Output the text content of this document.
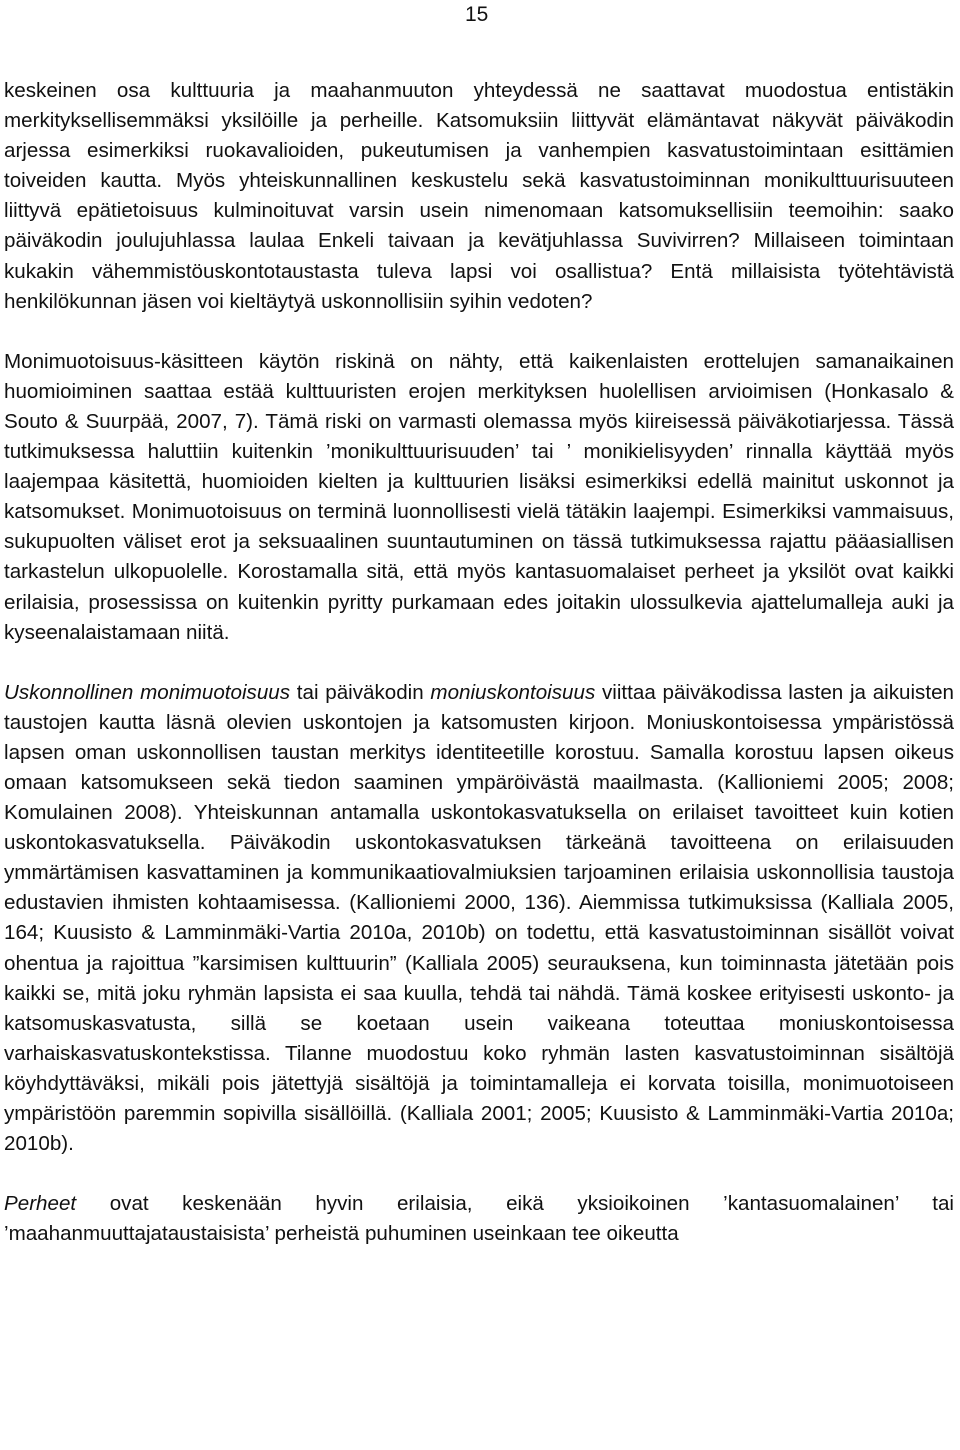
15

keskeinen osa kulttuuria ja maahanmuuton yhteydessä ne saattavat muodostua entistäkin merkityksellisemmäksi yksilöille ja perheille. Katsomuksiin liittyvät elämäntavat näkyvät päiväkodin arjessa esimerkiksi ruokavalioiden, pukeutumisen ja vanhempien kasvatustoimintaan esittämien toiveiden kautta. Myös yhteiskunnallinen keskustelu sekä kasvatustoiminnan monikulttuurisuuteen liittyvä epätietoisuus kulminoituvat varsin usein nimenomaan katsomuksellisiin teemoihin: saako päiväkodin joulujuhlassa laulaa Enkeli taivaan ja kevätjuhlassa Suvivirren? Millaiseen toimintaan kukakin vähemmistöuskontotaustasta tuleva lapsi voi osallistua? Entä millaisista työtehtävistä henkilökunnan jäsen voi kieltäytyä uskonnollisiin syihin vedoten?

Monimuotoisuus-käsitteen käytön riskinä on nähty, että kaikenlaisten erottelujen samanaikainen huomioiminen saattaa estää kulttuuristen erojen merkityksen huolellisen arvioimisen (Honkasalo & Souto & Suurpää, 2007, 7). Tämä riski on varmasti olemassa myös kiireisessä päiväkotiarjessa. Tässä tutkimuksessa haluttiin kuitenkin ’monikulttuurisuuden’ tai ’ monikielisyyden’ rinnalla käyttää myös laajempaa käsitettä, huomioiden kielten ja kulttuurien lisäksi esimerkiksi edellä mainitut uskonnot ja katsomukset. Monimuotoisuus on terminä luonnollisesti vielä tätäkin laajempi. Esimerkiksi vammaisuus, sukupuolten väliset erot ja seksuaalinen suuntautuminen on tässä tutkimuksessa rajattu pääasiallisen tarkastelun ulkopuolelle. Korostamalla sitä, että myös kantasuomalaiset perheet ja yksilöt ovat kaikki erilaisia, prosessissa on kuitenkin pyritty purkamaan edes joitakin ulossulkevia ajattelumalleja auki ja kyseenalaistamaan niitä.

Uskonnollinen monimuotoisuus tai päiväkodin moniuskontoisuus viittaa päiväkodissa lasten ja aikuisten taustojen kautta läsnä olevien uskontojen ja katsomusten kirjoon. Moniuskontoisessa ympäristössä lapsen oman uskonnollisen taustan merkitys identiteetille korostuu. Samalla korostuu lapsen oikeus omaan katsomukseen sekä tiedon saaminen ympäröivästä maailmasta. (Kallioniemi 2005; 2008; Komulainen 2008). Yhteiskunnan antamalla uskontokasvatuksella on erilaiset tavoitteet kuin kotien uskontokasvatuksella. Päiväkodin uskontokasvatuksen tärkeänä tavoitteena on erilaisuuden ymmärtämisen kasvattaminen ja kommunikaatiovalmiuksien tarjoaminen erilaisia uskonnollisia taustoja edustavien ihmisten kohtaamisessa. (Kallioniemi 2000, 136). Aiemmissa tutkimuksissa (Kalliala 2005, 164; Kuusisto & Lamminmäki-Vartia 2010a, 2010b) on todettu, että kasvatustoiminnan sisällöt voivat ohentua ja rajoittua ”karsimisen kulttuurin” (Kalliala 2005) seurauksena, kun toiminnasta jätetään pois kaikki se, mitä joku ryhmän lapsista ei saa kuulla, tehdä tai nähdä. Tämä koskee erityisesti uskonto- ja katsomuskasvatusta, sillä se koetaan usein vaikeana toteuttaa moniuskontoisessa varhaiskasvatuskontekstissa. Tilanne muodostuu koko ryhmän lasten kasvatustoiminnan sisältöjä köyhdyttäväksi, mikäli pois jätettyjä sisältöjä ja toimintamalleja ei korvata toisilla, monimuotoiseen ympäristöön paremmin sopivilla sisällöillä. (Kalliala 2001; 2005; Kuusisto & Lamminmäki-Vartia 2010a; 2010b).

Perheet ovat keskenään hyvin erilaisia, eikä yksioikoinen ’kantasuomalainen’ tai ’maahanmuuttajataustaisista’ perheistä puhuminen useinkaan tee oikeutta
